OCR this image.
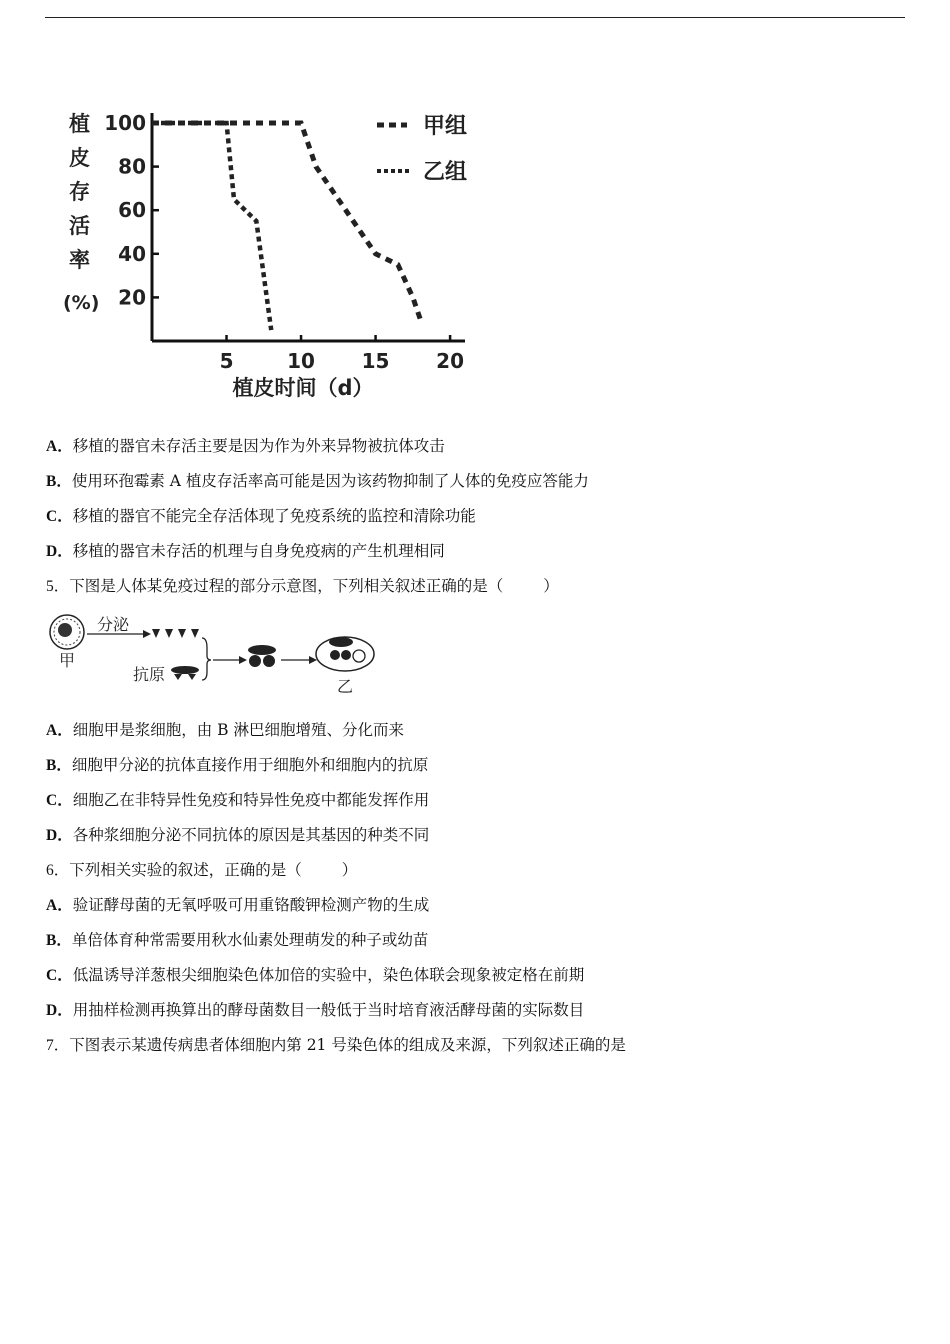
植
皮
存
活
率
(%)
100
80
60
40
20
5	10 15 20
甲组
乙组
植皮时间（d）
A．移植的器官未存活主要是因为作为外来异物被抗体攻击
B．使用环孢霉素 A 植皮存活率高可能是因为该药物抑制了人体的免疫应答能力
C．移植的器官不能完全存活体现了免疫系统的监控和清除功能
D．移植的器官未存活的机理与自身免疫病的产生机理相同
5．下图是人体某免疫过程的部分示意图，下列相关叙述正确的是（	）
甲
分泌
抗原
乙
A．细胞甲是浆细胞，由 B 淋巴细胞增殖、分化而来
B．细胞甲分泌的抗体直接作用于细胞外和细胞内的抗原
C．细胞乙在非特异性免疫和特异性免疫中都能发挥作用
D．各种浆细胞分泌不同抗体的原因是其基因的种类不同
6．下列相关实验的叙述，正确的是（	）
A．验证酵母菌的无氧呼吸可用重铬酸钾检测产物的生成
B．单倍体育种常需要用秋水仙素处理萌发的种子或幼苗
C．低温诱导洋葱根尖细胞染色体加倍的实验中，染色体联会现象被定格在前期
D．用抽样检测再换算出的酵母菌数目一般低于当时培育液活酵母菌的实际数目
7．下图表示某遗传病患者体细胞内第 21 号染色体的组成及来源，下列叙述正确的是
